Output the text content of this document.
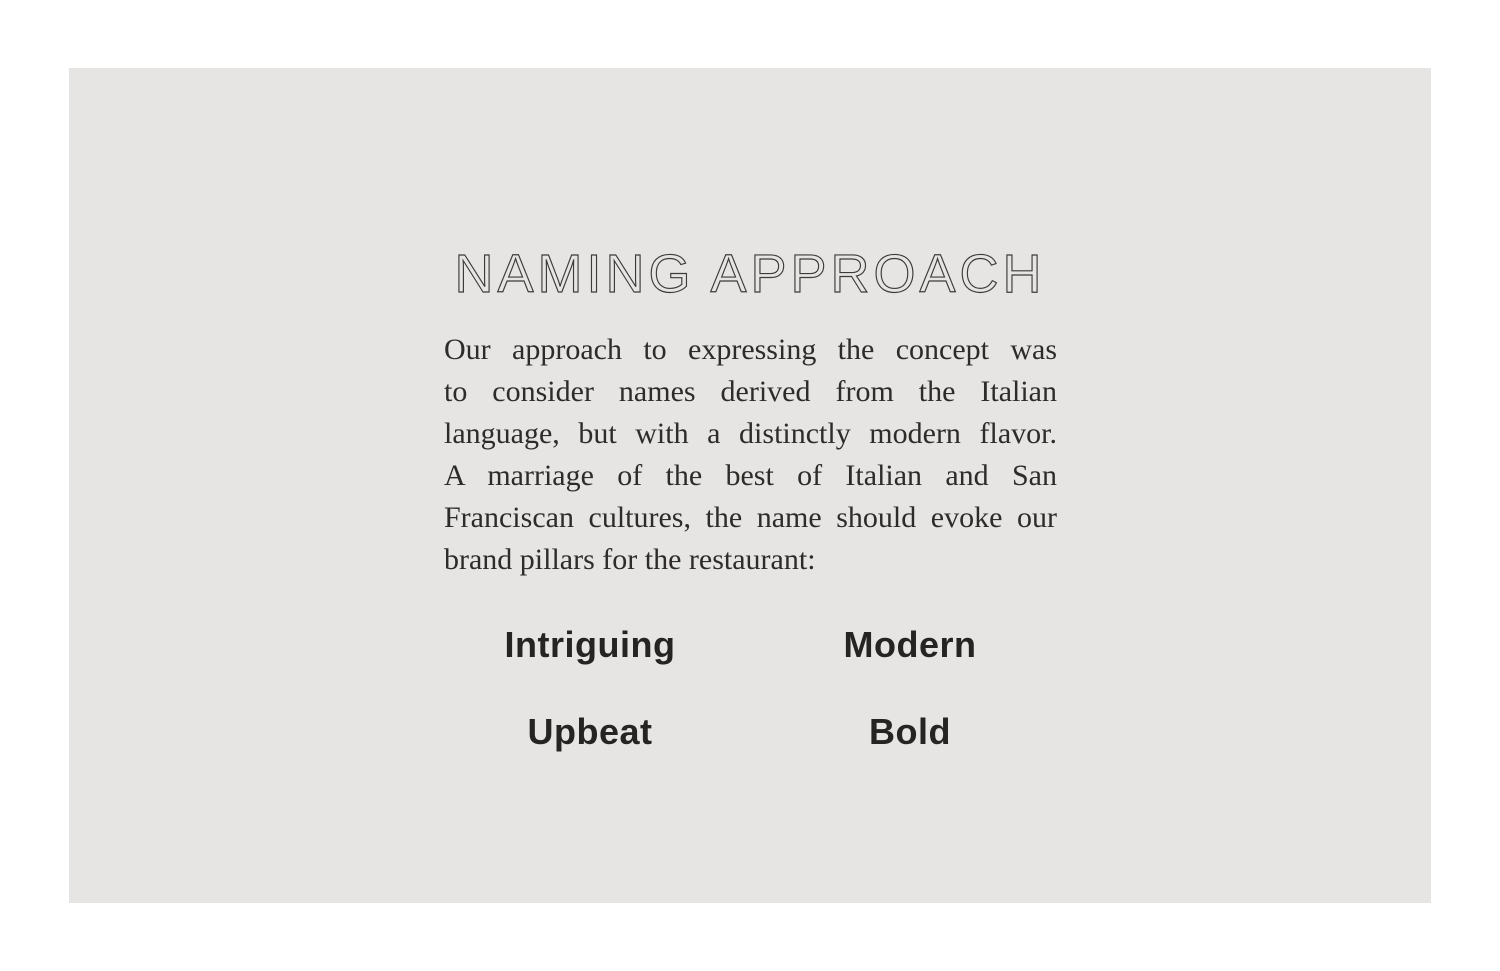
NAMING APPROACH
Our approach to expressing the concept was
to consider names derived from the Italian
language, but with a distinctly modern flavor.
A marriage of the best of Italian and San
Franciscan cultures, the name should evoke our
brand pillars for the restaurant:
Intriguing	Modern
Upbeat	Bold
